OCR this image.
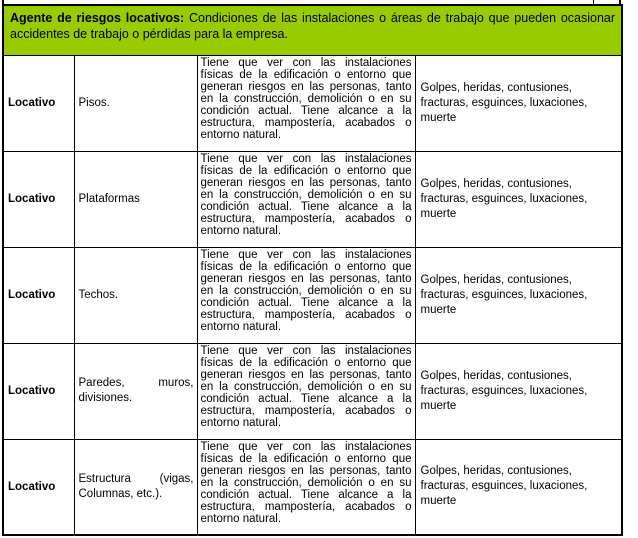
Agente de riesgos locativos: Condiciones de las instalaciones o áreas de trabajo que pueden ocasionar accidentes de trabajo o pérdidas para la empresa.			
Locativo	Pisos.	Tiene que ver con las instalaciones físicas de la edificación o entorno que generan riesgos en las personas, tanto en la construcción, demolición o en su condición actual. Tiene alcance a la estructura, mampostería, acabados o entorno natural.	Golpes, heridas, contusiones, fracturas, esguinces, luxaciones, muerte
Locativo	Plataformas	Tiene que ver con las instalaciones físicas de la edificación o entorno que generan riesgos en las personas, tanto en la construcción, demolición o en su condición actual. Tiene alcance a la estructura, mampostería, acabados o entorno natural.	Golpes, heridas, contusiones, fracturas, esguinces, luxaciones, muerte
Locativo	Techos.	Tiene que ver con las instalaciones físicas de la edificación o entorno que generan riesgos en las personas, tanto en la construcción, demolición o en su condición actual. Tiene alcance a la estructura, mampostería, acabados o entorno natural.	Golpes, heridas, contusiones, fracturas, esguinces, luxaciones, muerte
Locativo	Paredes, muros, divisiones.	Tiene que ver con las instalaciones físicas de la edificación o entorno que generan riesgos en las personas, tanto en la construcción, demolición o en su condición actual. Tiene alcance a la estructura, mampostería, acabados o entorno natural.	Golpes, heridas, contusiones, fracturas, esguinces, luxaciones, muerte
Locativo	Estructura (vigas, Columnas, etc.).	Tiene que ver con las instalaciones físicas de la edificación o entorno que generan riesgos en las personas, tanto en la construcción, demolición o en su condición actual. Tiene alcance a la estructura, mampostería, acabados o entorno natural.	Golpes, heridas, contusiones, fracturas, esguinces, luxaciones, muerte
